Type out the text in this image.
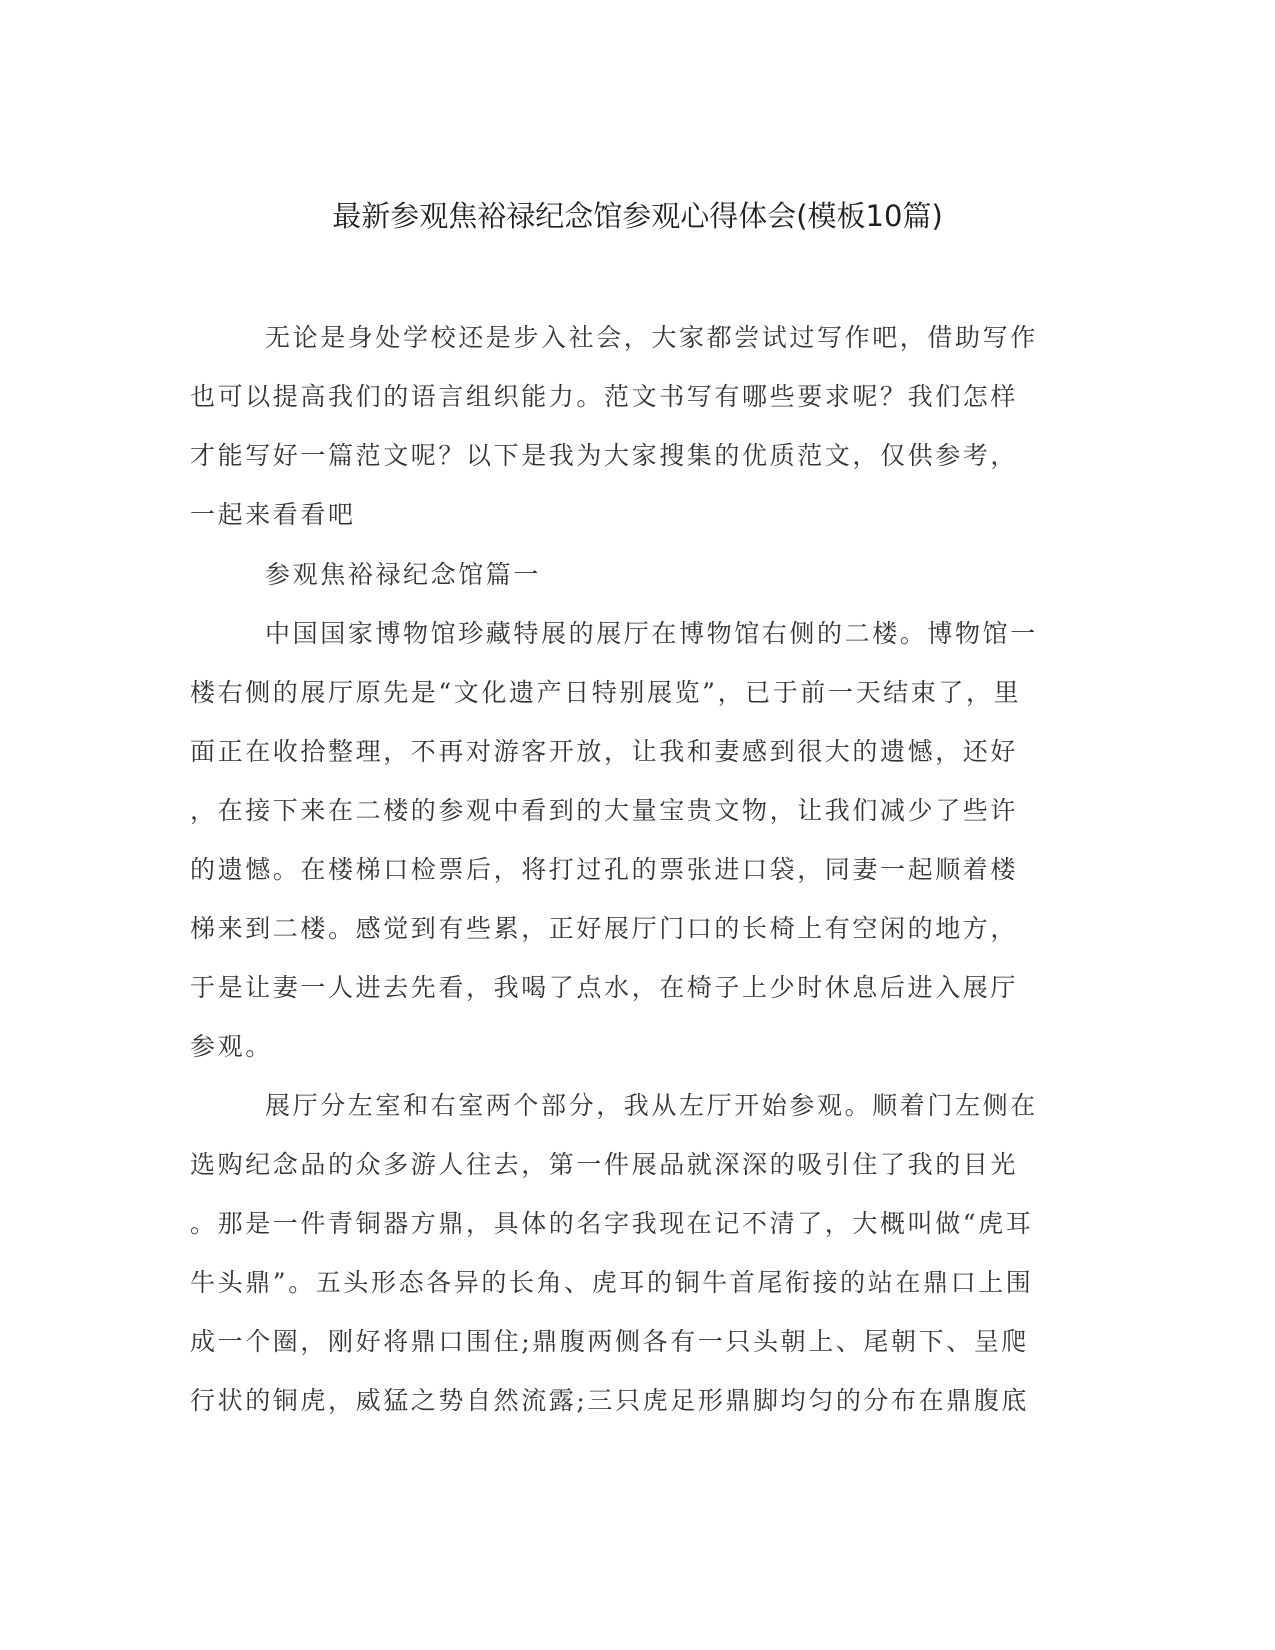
最新参观焦裕禄纪念馆参观心得体会(模板10篇)

无论是身处学校还是步入社会，大家都尝试过写作吧，借助写作

也可以提高我们的语言组织能力。范文书写有哪些要求呢？我们怎样

才能写好一篇范文呢？以下是我为大家搜集的优质范文，仅供参考，

一起来看看吧

参观焦裕禄纪念馆篇一

中国国家博物馆珍藏特展的展厅在博物馆右侧的二楼。博物馆一

楼右侧的展厅原先是“文化遗产日特别展览”，已于前一天结束了，里

面正在收拾整理，不再对游客开放，让我和妻感到很大的遗憾，还好

，在接下来在二楼的参观中看到的大量宝贵文物，让我们减少了些许

的遗憾。在楼梯口检票后，将打过孔的票张进口袋，同妻一起顺着楼

梯来到二楼。感觉到有些累，正好展厅门口的长椅上有空闲的地方，

于是让妻一人进去先看，我喝了点水，在椅子上少时休息后进入展厅

参观。

展厅分左室和右室两个部分，我从左厅开始参观。顺着门左侧在

选购纪念品的众多游人往去，第一件展品就深深的吸引住了我的目光

。那是一件青铜器方鼎，具体的名字我现在记不清了，大概叫做“虎耳

牛头鼎”。五头形态各异的长角、虎耳的铜牛首尾衔接的站在鼎口上围

成一个圈，刚好将鼎口围住;鼎腹两侧各有一只头朝上、尾朝下、呈爬

行状的铜虎，威猛之势自然流露;三只虎足形鼎脚均匀的分布在鼎腹底
